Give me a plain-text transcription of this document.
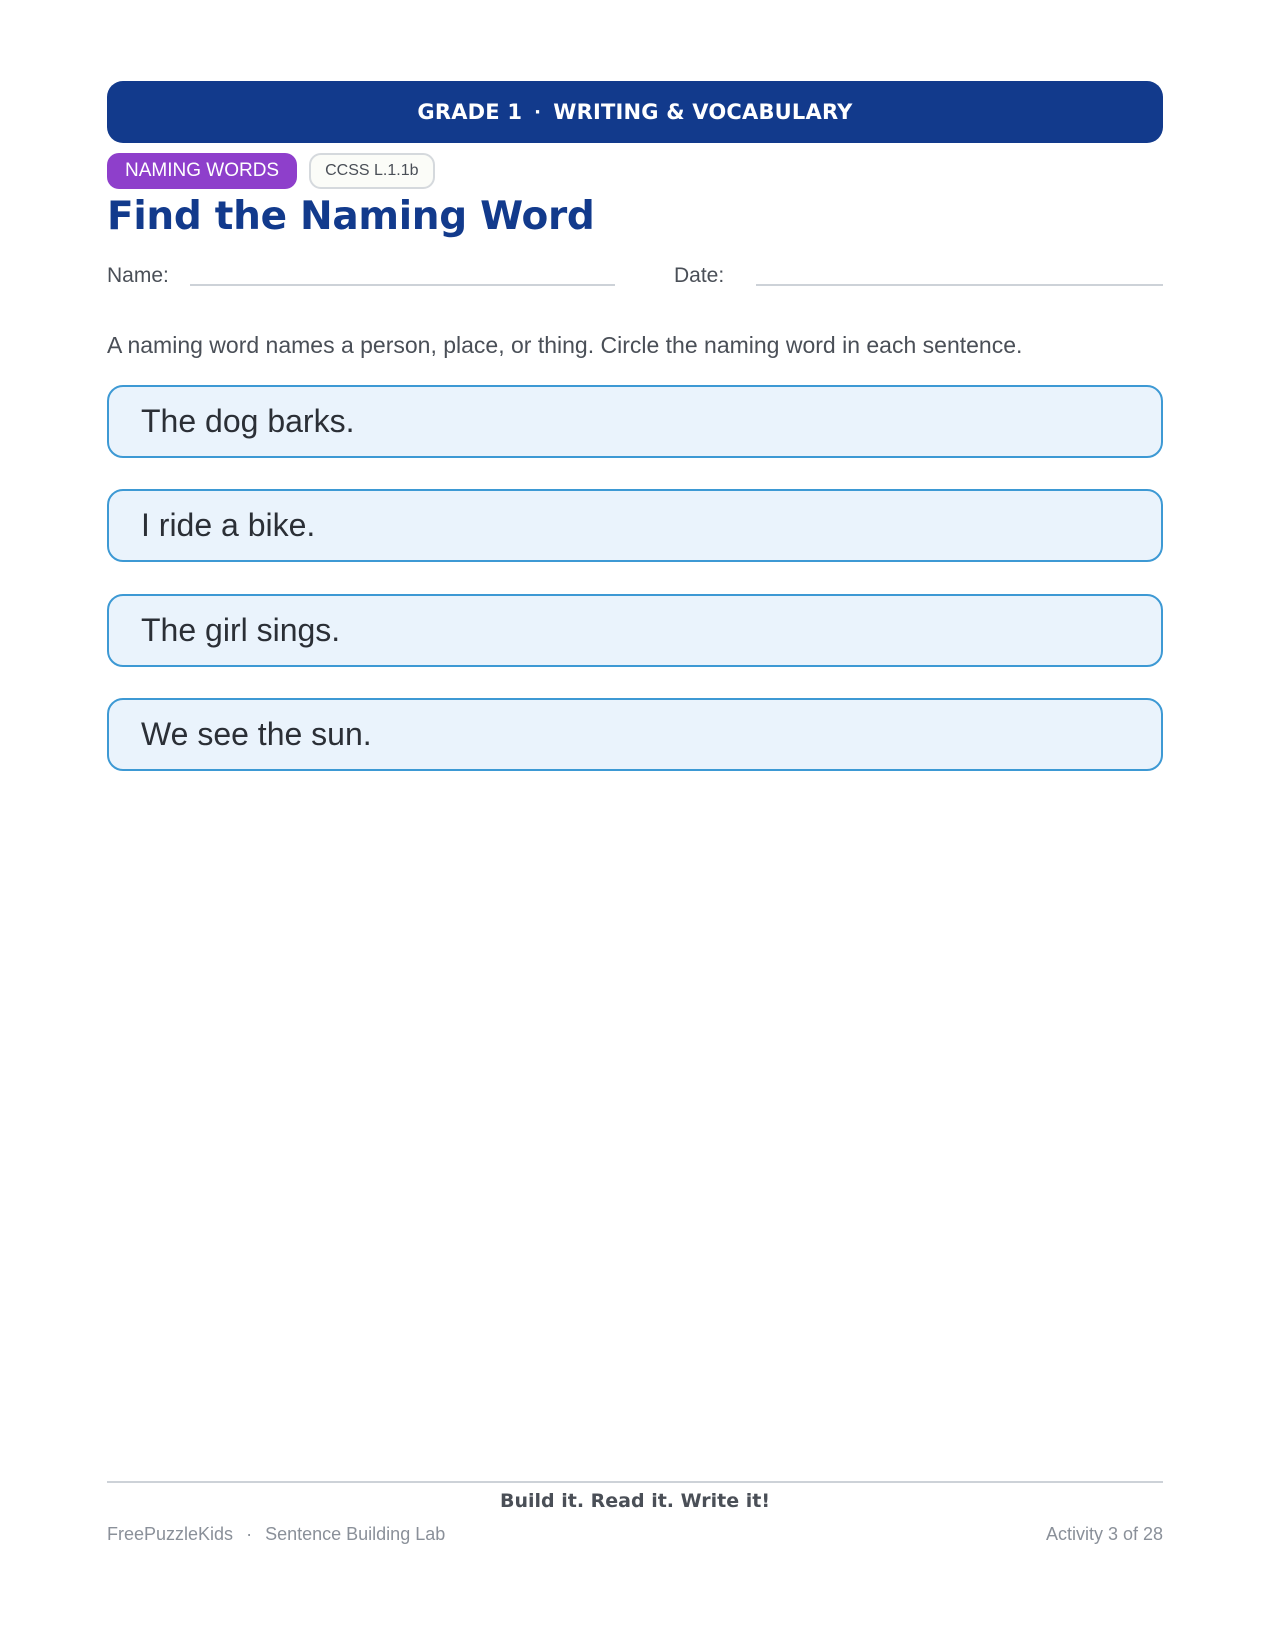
GRADE 1 · WRITING & VOCABULARY
NAMING WORDS	CCSS L.1.1b
Find the Naming Word
Name:	Date:

A naming word names a person, place, or thing. Circle the naming word in each sentence.

The dog barks.
I ride a bike.
The girl sings.
We see the sun.
Build it. Read it. Write it!
FreePuzzleKids · Sentence Building Lab	Activity 3 of 28
